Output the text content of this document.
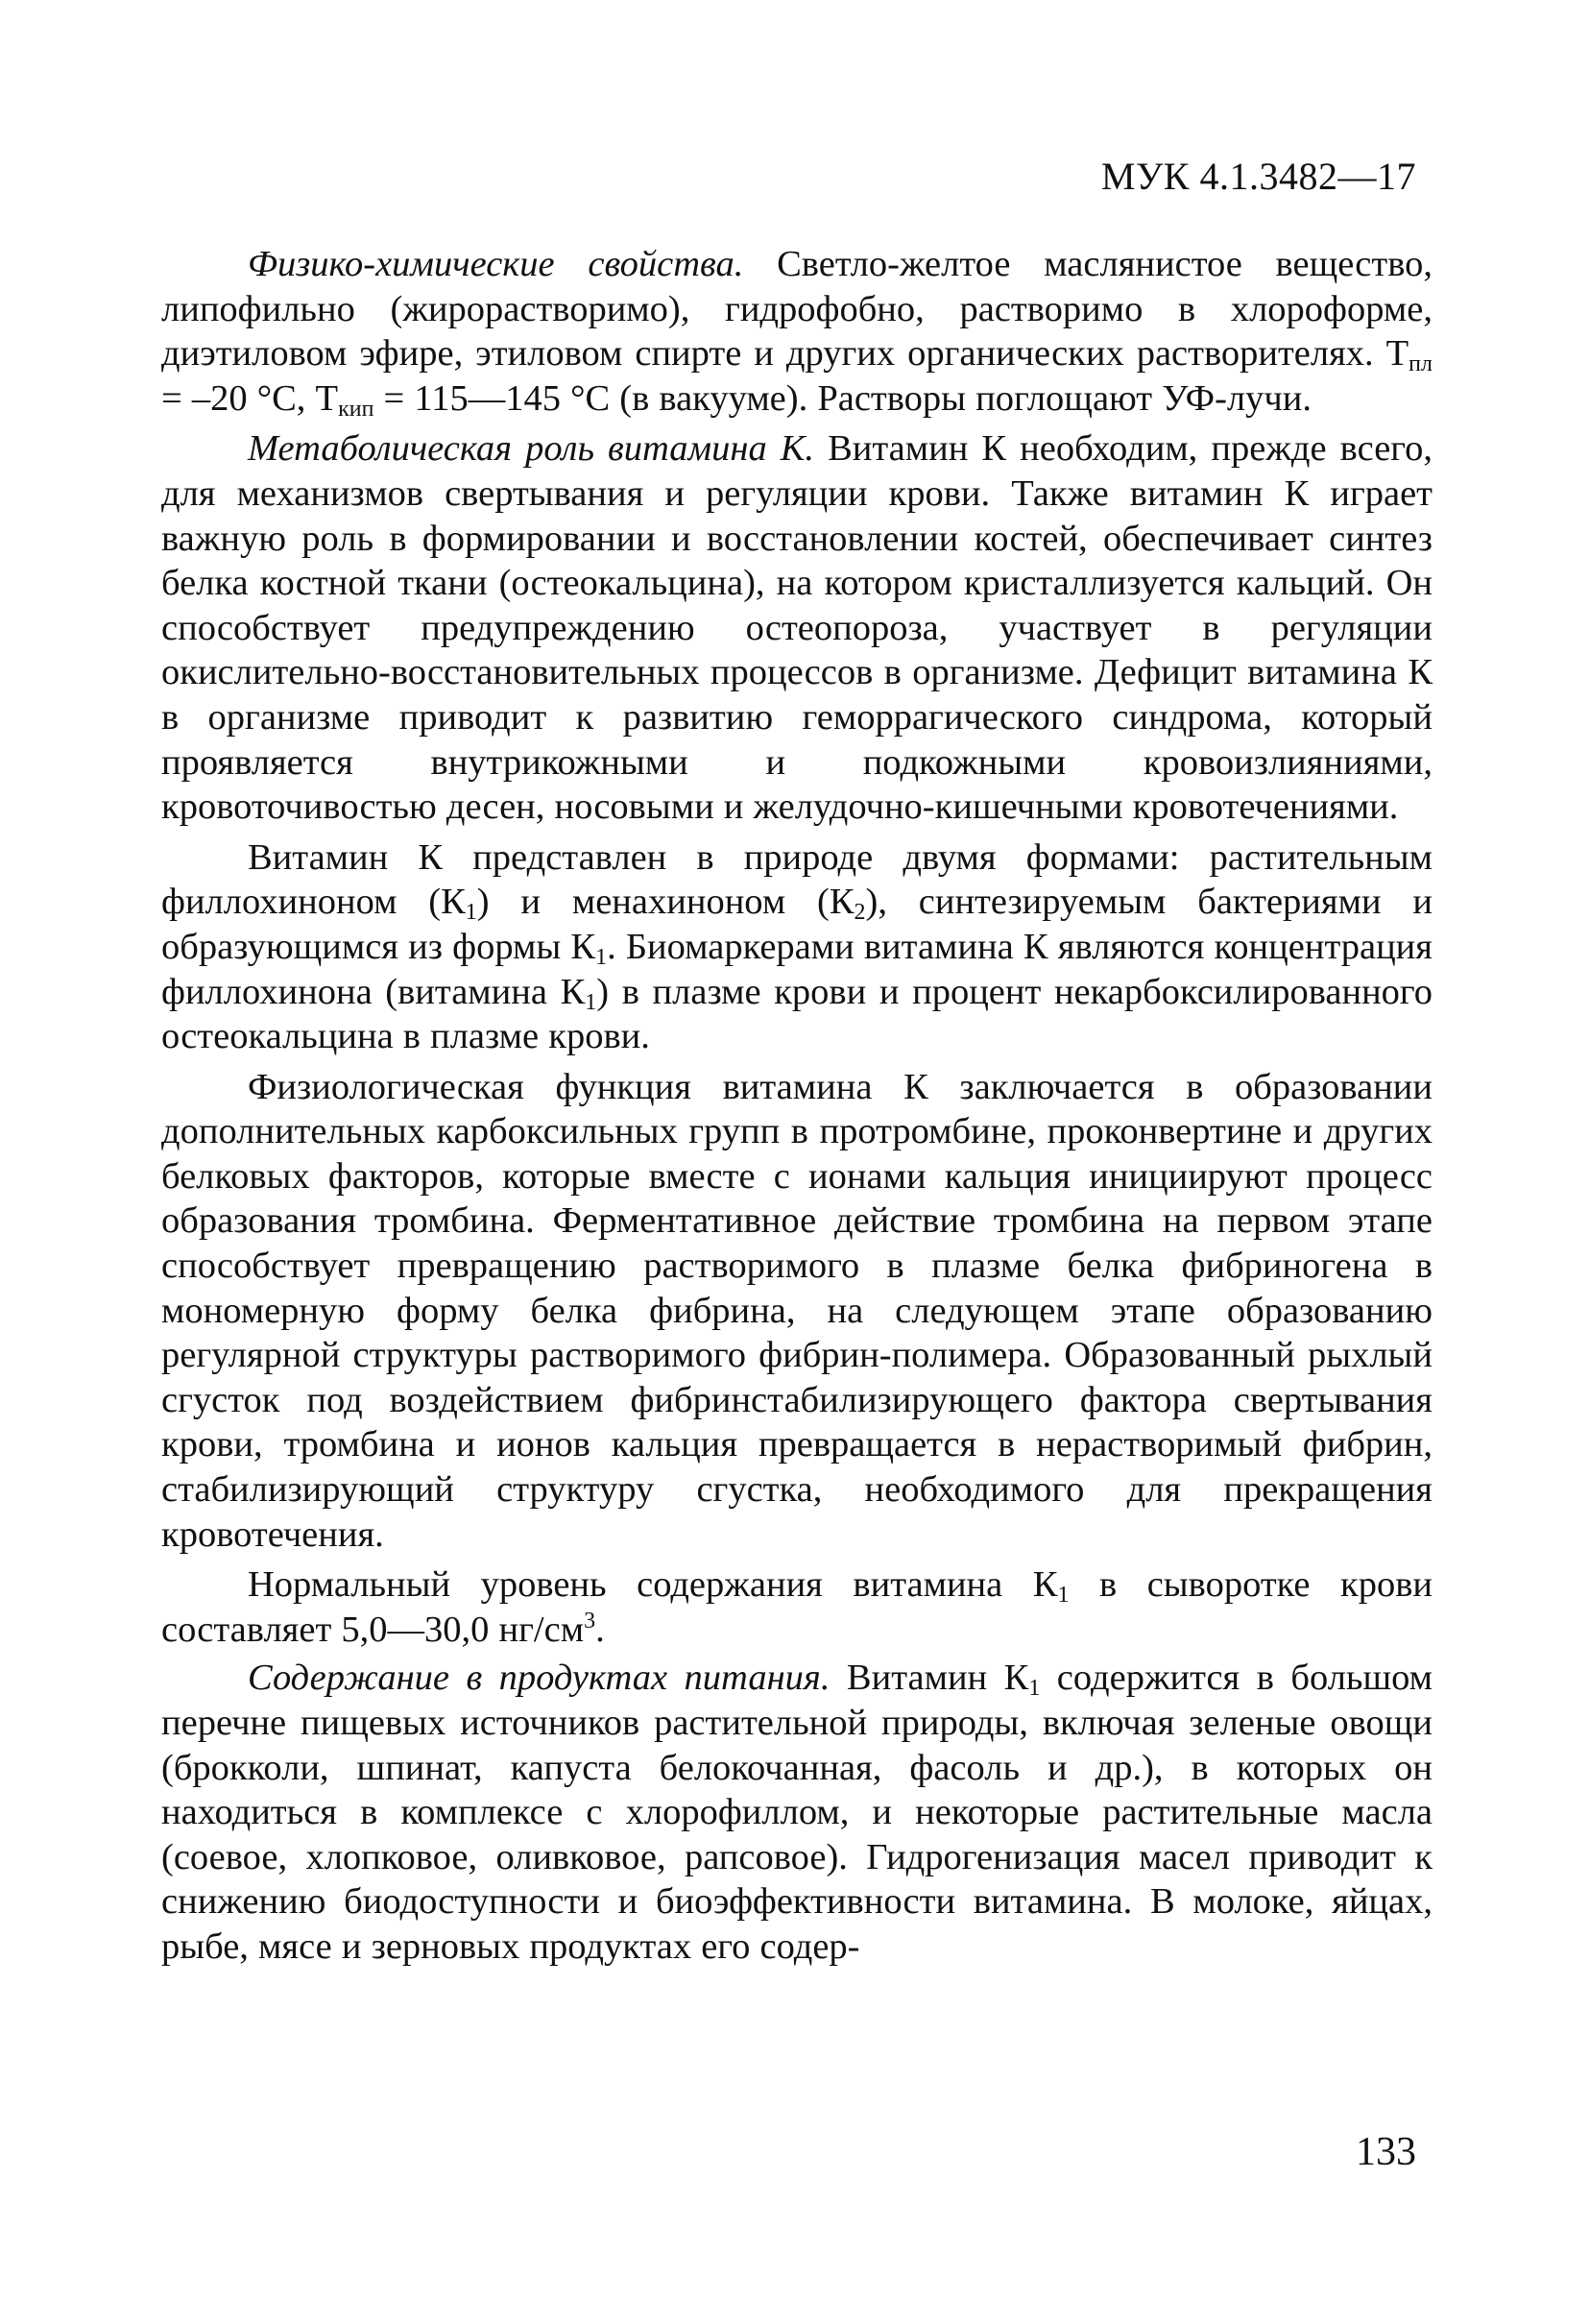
МУК 4.1.3482—17

Физико-химические свойства. Светло-желтое маслянистое вещество, липофильно (жирорастворимо), гидрофобно, растворимо в хлороформе, диэтиловом эфире, этиловом спирте и других органических растворителях. $Т_{пл} = -20$ °С, $Т_{кип}$ = 115—145 °С (в вакууме). Растворы поглощают УФ-лучи.

Метаболическая роль витамина К. Витамин К необходим, прежде всего, для механизмов свертывания и регуляции крови. Также витамин К играет важную роль в формировании и восстановлении костей, обеспечивает синтез белка костной ткани (остеокальцина), на котором кристаллизуется кальций. Он способствует предупреждению остеопороза, участвует в регуляции окислительно-восстановительных процессов в организме. Дефицит витамина К в организме приводит к развитию геморрагического синдрома, который проявляется внутрикожными и подкожными кровоизлияниями, кровоточивостью десен, носовыми и желудочно-кишечными кровотечениями.

Витамин К представлен в природе двумя формами: растительным филлохиноном $(К_1)$ и менахиноном $(К_2)$, синтезируемым бактериями и образующимся из формы $К_1$. Биомаркерами витамина К являются концентрация филлохинона (витамина $К_1$) в плазме крови и процент некарбоксилированного остеокальцина в плазме крови.

Физиологическая функция витамина К заключается в образовании дополнительных карбоксильных групп в протромбине, проконвертине и других белковых факторов, которые вместе с ионами кальция инициируют процесс образования тромбина. Ферментативное действие тромбина на первом этапе способствует превращению растворимого в плазме белка фибриногена в мономерную форму белка фибрина, на следующем этапе образованию регулярной структуры растворимого фибрин-полимера. Образованный рыхлый сгусток под воздействием фибринстабилизирующего фактора свертывания крови, тромбина и ионов кальция превращается в нерастворимый фибрин, стабилизирующий структуру сгустка, необходимого для прекращения кровотечения.

Нормальный уровень содержания витамина $К_1$ в сыворотке крови составляет 5,0—30,0 $нг/см^3$.

Содержание в продуктах питания. Витамин $К_1$ содержится в большом перечне пищевых источников растительной природы, включая зеленые овощи (брокколи, шпинат, капуста белокочанная, фасоль и др.), в которых он находиться в комплексе с хлорофиллом, и некоторые растительные масла (соевое, хлопковое, оливковое, рапсовое). Гидрогенизация масел приводит к снижению биодоступности и биоэффективности витамина. В молоке, яйцах, рыбе, мясе и зерновых продуктах его содер-

133
